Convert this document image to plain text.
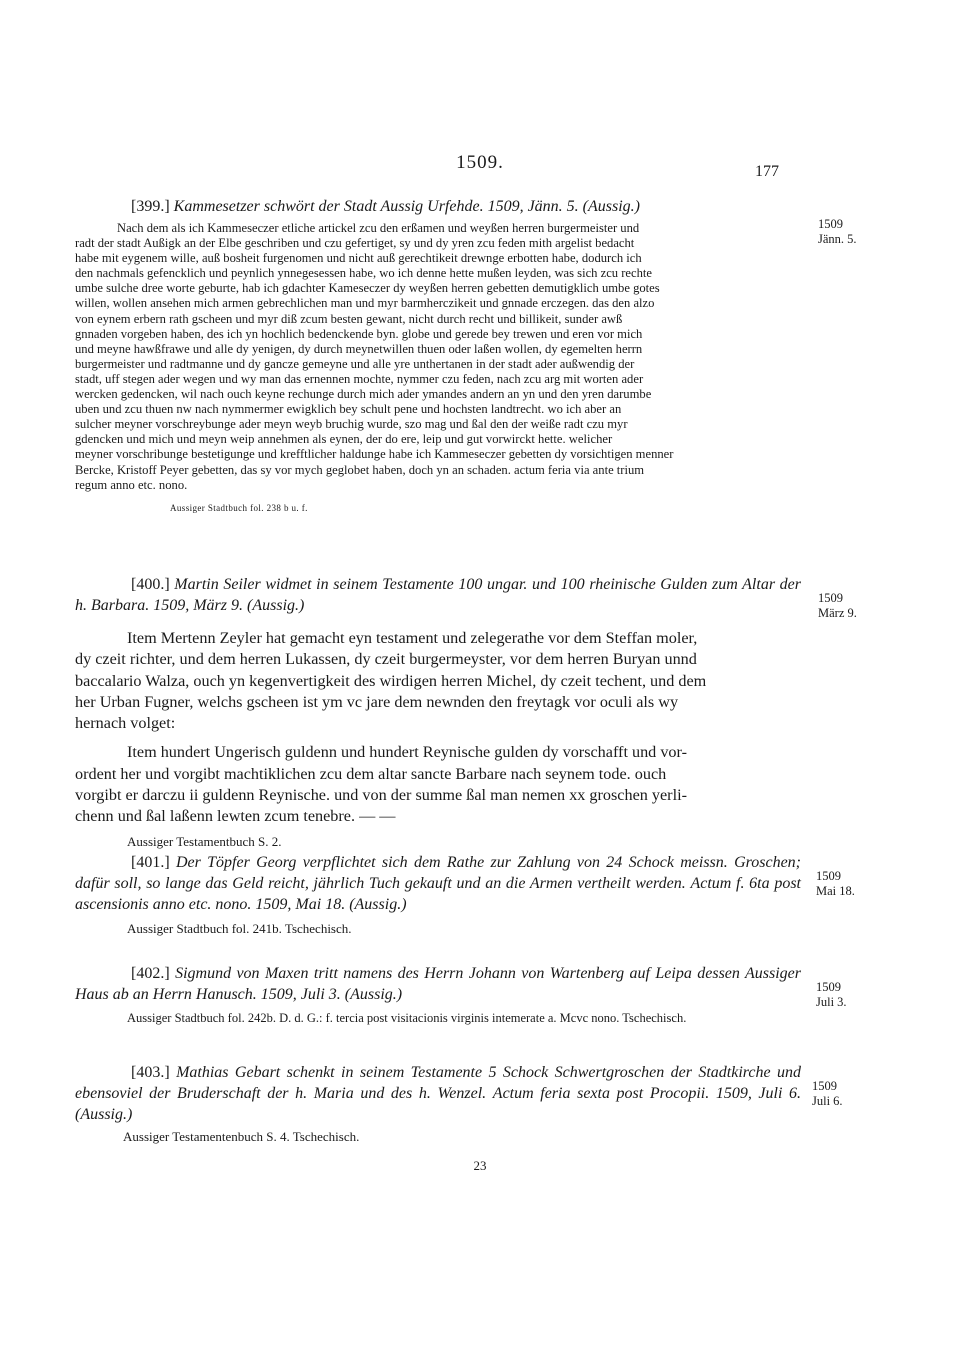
1509.	177

[399.] Kammesetzer schwört der Stadt Aussig Urfehde. 1509, Jänn. 5. (Aussig.)

Nach dem als ich Kammeseczer etliche artickel zcu den erßamen und weyßen herren burgermeister und
radt der stadt Außigk an der Elbe geschriben und czu gefertiget, sy und dy yren zcu feden mith argelist bedacht
habe mit eygenem wille, auß bosheit furgenomen und nicht auß gerechtikeit drewnge erbotten habe, dodurch ich
den nachmals gefencklich und peynlich ynnegesessen habe, wo ich denne hette mußen leyden, was sich zcu rechte
umbe sulche dree worte geburte, hab ich gdachter Kameseczer dy weyßen herren gebetten demutigklich umbe gotes
willen, wollen ansehen mich armen gebrechlichen man und myr barmherczikeit und gnnade erczegen. das den alzo
von eynem erbern rath gscheen und myr diß zcum besten gewant, nicht durch recht und billikeit, sunder awß
gnnaden vorgeben haben, des ich yn hochlich bedenckende byn. globe und gerede bey trewen und eren vor mich
und meyne hawßfrawe und alle dy yenigen, dy durch meynetwillen thuen oder laßen wollen, dy egemelten herrn
burgermeister und radtmanne und dy gancze gemeyne und alle yre unthertanen in der stadt ader außwendig der
stadt, uff stegen ader wegen und wy man das ernennen mochte, nymmer czu feden, nach zcu arg mit worten ader
wercken gedencken, wil nach ouch keyne rechunge durch mich ader ymandes andern an yn und den yren darumbe
uben und zcu thuen nw nach nymmermer ewigklich bey schult pene und hochsten landtrecht. wo ich aber an
sulcher meyner vorschreybunge ader meyn weyb bruchig wurde, szo mag und ßal den der weiße radt czu myr
gdencken und mich und meyn weip annehmen als eynen, der do ere, leip und gut vorwirckt hette. welicher
meyner vorschribunge bestetigunge und krefftlicher haldunge habe ich Kammeseczer gebetten dy vorsichtigen menner
Bercke, Kristoff Peyer gebetten, das sy vor mych geglobet haben, doch yn an schaden. actum feria via ante trium
regum anno etc. nono.
Aussiger Stadtbuch fol. 238 b u. f.

[400.] Martin Seiler widmet in seinem Testamente 100 ungar. und 100 rheinische Gulden zum Altar der h. Barbara. 1509, März 9. (Aussig.)

Item Mertenn Zeyler hat gemacht eyn testament und zelegerathe vor dem Steffan moler,
dy czeit richter, und dem herren Lukassen, dy czeit burgermeyster, vor dem herren Buryan unnd
baccalario Walza, ouch yn kegenvertigkeit des wirdigen herren Michel, dy czeit techent, und dem
her Urban Fugner, welchs gscheen ist ym vc jare dem newnden den freytagk vor oculi als wy
hernach volget:
Item hundert Ungerisch guldenn und hundert Reynische gulden dy vorschafft und vor-
ordent her und vorgibt machtiklichen zcu dem altar sancte Barbare nach seynem tode. ouch
vorgibt er darczu ii guldenn Reynische. und von der summe ßal man nemen xx groschen yerli-
chenn und ßal laßenn lewten zcum tenebre. — —
Aussiger Testamentbuch S. 2.

[401.] Der Töpfer Georg verpflichtet sich dem Rathe zur Zahlung von 24 Schock meissn. Groschen; dafür soll, so lange das Geld reicht, jährlich Tuch gekauft und an die Armen vertheilt werden. Actum f. 6ta post ascensionis anno etc. nono. 1509, Mai 18. (Aussig.)

Aussiger Stadtbuch fol. 241b. Tschechisch.

[402.] Sigmund von Maxen tritt namens des Herrn Johann von Wartenberg auf Leipa dessen Aussiger Haus ab an Herrn Hanusch. 1509, Juli 3. (Aussig.)

Aussiger Stadtbuch fol. 242b. D. d. G.: f. tercia post visitacionis virginis intemerate a. Mcvc nono. Tschechisch.

[403.] Mathias Gebart schenkt in seinem Testamente 5 Schock Schwertgroschen der Stadtkirche und ebensoviel der Bruderschaft der h. Maria und des h. Wenzel. Actum feria sexta post Procopii. 1509, Juli 6. (Aussig.)

Aussiger Testamentenbuch S. 4. Tschechisch.
1509
Jänn. 5.
1509
März 9.
1509
Mai 18.
1509
Juli 3.
1509
Juli 6.
23
